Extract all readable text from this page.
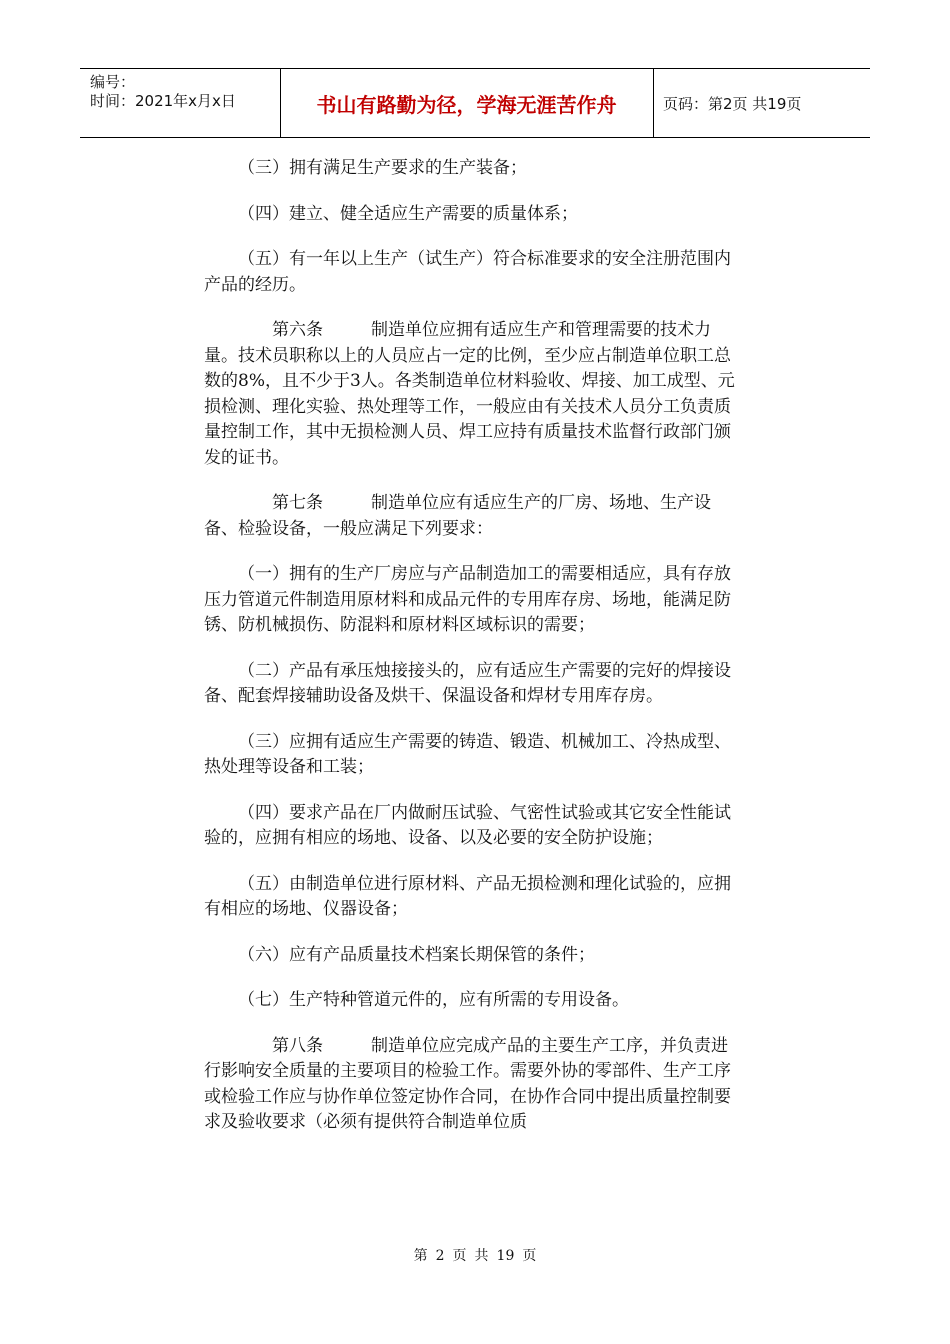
编号：
时间：2021年x月x日	书山有路勤为径，学海无涯苦作舟	页码：第2页 共19页

（三）拥有满足生产要求的生产装备；

（四）建立、健全适应生产需要的质量体系；

（五）有一年以上生产（试生产）符合标准要求的安全注册范围内产品的经历。

第六条	制造单位应拥有适应生产和管理需要的技术力量。技术员职称以上的人员应占一定的比例，至少应占制造单位职工总数的8%，且不少于3人。各类制造单位材料验收、焊接、加工成型、元损检测、理化实验、热处理等工作，一般应由有关技术人员分工负责质量控制工作，其中无损检测人员、焊工应持有质量技术监督行政部门颁发的证书。

第七条	制造单位应有适应生产的厂房、场地、生产设备、检验设备，一般应满足下列要求：

（一）拥有的生产厂房应与产品制造加工的需要相适应，具有存放压力管道元件制造用原材料和成品元件的专用库存房、场地，能满足防锈、防机械损伤、防混料和原材料区域标识的需要；

（二）产品有承压烛接接头的，应有适应生产需要的完好的焊接设备、配套焊接辅助设备及烘干、保温设备和焊材专用库存房。

（三）应拥有适应生产需要的铸造、锻造、机械加工、冷热成型、热处理等设备和工装；

（四）要求产品在厂内做耐压试验、气密性试验或其它安全性能试验的，应拥有相应的场地、设备、以及必要的安全防护设施；

（五）由制造单位进行原材料、产品无损检测和理化试验的，应拥有相应的场地、仪器设备；

（六）应有产品质量技术档案长期保管的条件；

（七）生产特种管道元件的，应有所需的专用设备。

第八条	制造单位应完成产品的主要生产工序，并负责进行影响安全质量的主要项目的检验工作。需要外协的零部件、生产工序或检验工作应与协作单位签定协作合同，在协作合同中提出质量控制要求及验收要求（必须有提供符合制造单位质

第 2 页 共 19 页
